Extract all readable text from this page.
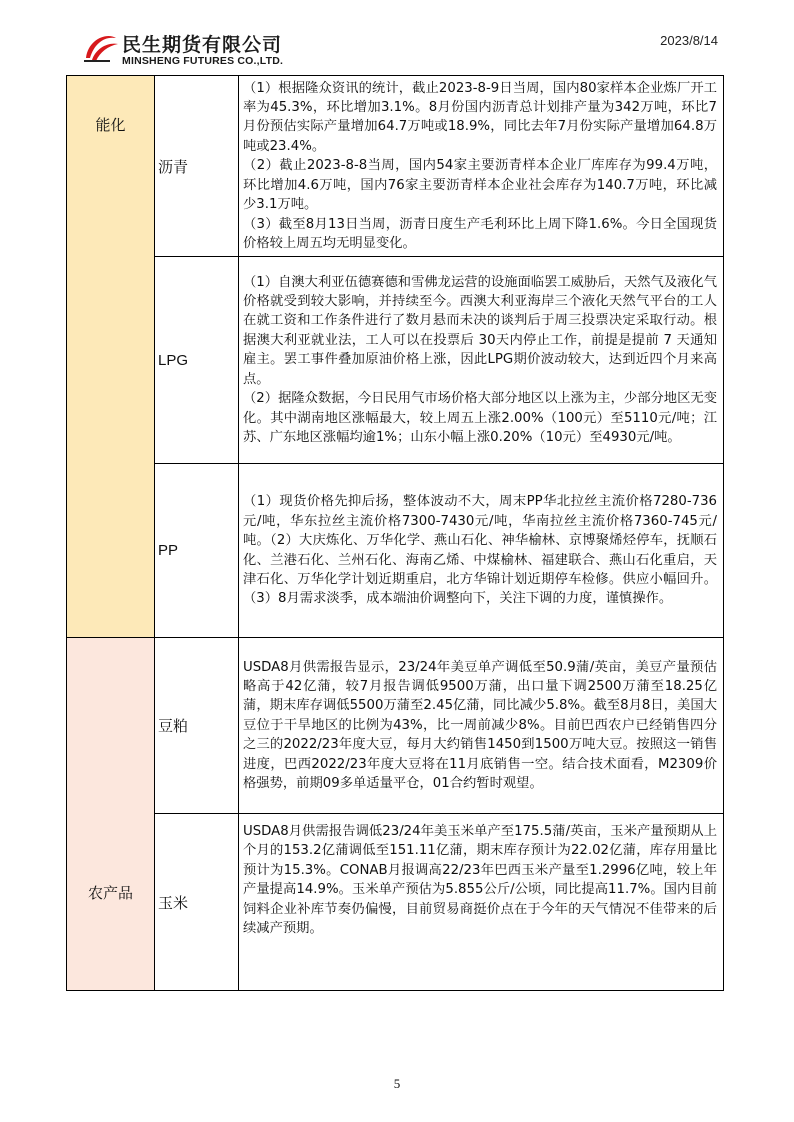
民生期货有限公司
MINSHENG FUTURES CO.,LTD.
2023/8/14
能化	沥青	（1）根据隆众资讯的统计，截止2023-8-9日当周，国内80家样本企业炼厂开工率为45.3%，环比增加3.1%。8月份国内沥青总计划排产量为342万吨，环比7月份预估实际产量增加64.7万吨或18.9%，同比去年7月份实际产量增加64.8万吨或23.4%。

（2）截止2023-8-8当周，国内54家主要沥青样本企业厂库库存为99.4万吨，环比增加4.6万吨，国内76家主要沥青样本企业社会库存为140.7万吨，环比减少3.1万吨。

（3）截至8月13日当周，沥青日度生产毛利环比上周下降1.6%。今日全国现货价格较上周五均无明显变化。

	LPG	（1）自澳大利亚伍德赛德和雪佛龙运营的设施面临罢工威胁后，天然气及液化气价格就受到较大影响，并持续至今。西澳大利亚海岸三个液化天然气平台的工人在就工资和工作条件进行了数月悬而未决的谈判后于周三投票决定采取行动。根据澳大利亚就业法，工人可以在投票后 30天内停止工作，前提是提前 7 天通知雇主。罢工事件叠加原油价格上涨，因此LPG期价波动较大，达到近四个月来高点。

（2）据隆众数据，今日民用气市场价格大部分地区以上涨为主，少部分地区无变化。其中湖南地区涨幅最大，较上周五上涨2.00%（100元）至5110元/吨；江苏、广东地区涨幅均逾1%；山东小幅上涨0.20%（10元）至4930元/吨。

	PP	（1）现货价格先抑后扬，整体波动不大，周末PP华北拉丝主流价格7280-736元/吨，华东拉丝主流价格7300-7430元/吨，华南拉丝主流价格7360-745元/吨。（2）大庆炼化、万华化学、燕山石化、神华榆林、京博聚烯烃停车，抚顺石化、兰港石化、兰州石化、海南乙烯、中煤榆林、福建联合、燕山石化重启，天津石化、万华化学计划近期重启，北方华锦计划近期停车检修。供应小幅回升。（3）8月需求淡季，成本端油价调整向下，关注下调的力度，谨慎操作。

农产品	豆粕	USDA8月供需报告显示，23/24年美豆单产调低至50.9蒲/英亩，美豆产量预估略高于42亿蒲，较7月报告调低9500万蒲，出口量下调2500万蒲至18.25亿蒲，期末库存调低5500万蒲至2.45亿蒲，同比减少5.8%。截至8月8日，美国大豆位于干旱地区的比例为43%，比一周前减少8%。目前巴西农户已经销售四分之三的2022/23年度大豆，每月大约销售1450到1500万吨大豆。按照这一销售进度，巴西2022/23年度大豆将在11月底销售一空。结合技术面看，M2309价格强势，前期09多单适量平仓，01合约暂时观望。

	玉米	USDA8月供需报告调低23/24年美玉米单产至175.5蒲/英亩，玉米产量预期从上个月的153.2亿蒲调低至151.11亿蒲，期末库存预计为22.02亿蒲，库存用量比预计为15.3%。CONAB月报调高22/23年巴西玉米产量至1.2996亿吨，较上年产量提高14.9%。玉米单产预估为5.855公斤/公顷，同比提高11.7%。国内目前饲料企业补库节奏仍偏慢，目前贸易商挺价点在于今年的天气情况不佳带来的后续减产预期。

5
